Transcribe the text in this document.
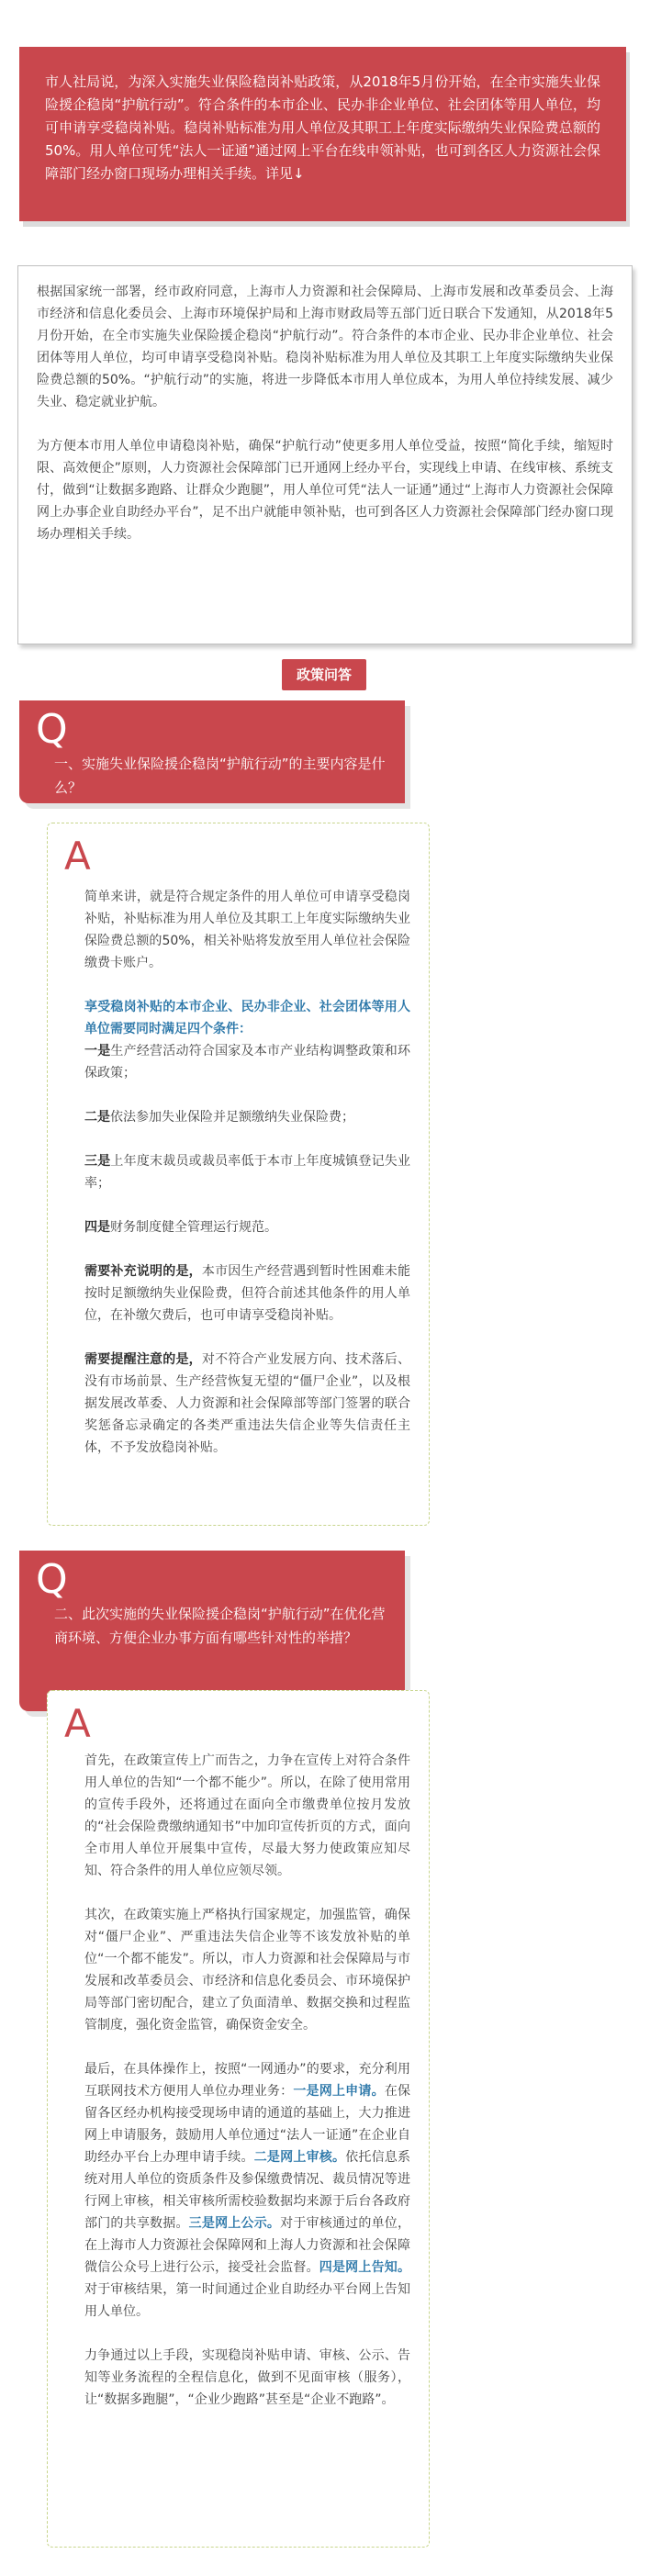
市人社局说，为深入实施失业保险稳岗补贴政策，从2018年5月份开始，在全市实施失业保险援企稳岗“护航行动”。符合条件的本市企业、民办非企业单位、社会团体等用人单位，均可申请享受稳岗补贴。稳岗补贴标准为用人单位及其职工上年度实际缴纳失业保险费总额的50%。用人单位可凭“法人一证通”通过网上平台在线申领补贴，也可到各区人力资源社会保障部门经办窗口现场办理相关手续。详见↓

根据国家统一部署，经市政府同意，上海市人力资源和社会保障局、上海市发展和改革委员会、上海市经济和信息化委员会、上海市环境保护局和上海市财政局等五部门近日联合下发通知，从2018年5月份开始，在全市实施失业保险援企稳岗“护航行动”。符合条件的本市企业、民办非企业单位、社会团体等用人单位，均可申请享受稳岗补贴。稳岗补贴标准为用人单位及其职工上年度实际缴纳失业保险费总额的50%。“护航行动”的实施，将进一步降低本市用人单位成本，为用人单位持续发展、减少失业、稳定就业护航。

为方便本市用人单位申请稳岗补贴，确保“护航行动”使更多用人单位受益，按照“简化手续，缩短时限、高效便企”原则，人力资源社会保障部门已开通网上经办平台，实现线上申请、在线审核、系统支付，做到“让数据多跑路、让群众少跑腿”，用人单位可凭“法人一证通”通过“上海市人力资源社会保障网上办事企业自助经办平台”，足不出户就能申领补贴，也可到各区人力资源社会保障部门经办窗口现场办理相关手续。

政策问答
Q
一、实施失业保险援企稳岗“护航行动”的主要内容是什么？
A

简单来讲，就是符合规定条件的用人单位可申请享受稳岗补贴，补贴标准为用人单位及其职工上年度实际缴纳失业保险费总额的50%，相关补贴将发放至用人单位社会保险缴费卡账户。

享受稳岗补贴的本市企业、民办非企业、社会团体等用人单位需要同时满足四个条件：
一是生产经营活动符合国家及本市产业结构调整政策和环保政策；

二是依法参加失业保险并足额缴纳失业保险费；

三是上年度末裁员或裁员率低于本市上年度城镇登记失业率；

四是财务制度健全管理运行规范。

需要补充说明的是，本市因生产经营遇到暂时性困难未能按时足额缴纳失业保险费，但符合前述其他条件的用人单位，在补缴欠费后，也可申请享受稳岗补贴。

需要提醒注意的是，对不符合产业发展方向、技术落后、没有市场前景、生产经营恢复无望的“僵尸企业”，以及根据发展改革委、人力资源和社会保障部等部门签署的联合奖惩备忘录确定的各类严重违法失信企业等失信责任主体，不予发放稳岗补贴。

Q
二、此次实施的失业保险援企稳岗“护航行动”在优化营商环境、方便企业办事方面有哪些针对性的举措？
A

首先，在政策宣传上广而告之，力争在宣传上对符合条件用人单位的告知“一个都不能少”。所以，在除了使用常用的宣传手段外，还将通过在面向全市缴费单位按月发放的“社会保险费缴纳通知书”中加印宣传折页的方式，面向全市用人单位开展集中宣传，尽最大努力使政策应知尽知、符合条件的用人单位应领尽领。

其次，在政策实施上严格执行国家规定，加强监管，确保对“僵尸企业”、严重违法失信企业等不该发放补贴的单位“一个都不能发”。所以，市人力资源和社会保障局与市发展和改革委员会、市经济和信息化委员会、市环境保护局等部门密切配合，建立了负面清单、数据交换和过程监管制度，强化资金监管，确保资金安全。

最后，在具体操作上，按照“一网通办”的要求，充分利用互联网技术方便用人单位办理业务：一是网上申请。在保留各区经办机构接受现场申请的通道的基础上，大力推进网上申请服务，鼓励用人单位通过“法人一证通”在企业自助经办平台上办理申请手续。二是网上审核。依托信息系统对用人单位的资质条件及参保缴费情况、裁员情况等进行网上审核，相关审核所需校验数据均来源于后台各政府部门的共享数据。三是网上公示。对于审核通过的单位，在上海市人力资源社会保障网和上海人力资源和社会保障微信公众号上进行公示，接受社会监督。四是网上告知。对于审核结果，第一时间通过企业自助经办平台网上告知用人单位。

力争通过以上手段，实现稳岗补贴申请、审核、公示、告知等业务流程的全程信息化，做到不见面审核（服务），让“数据多跑腿”，“企业少跑路”甚至是“企业不跑路”。
